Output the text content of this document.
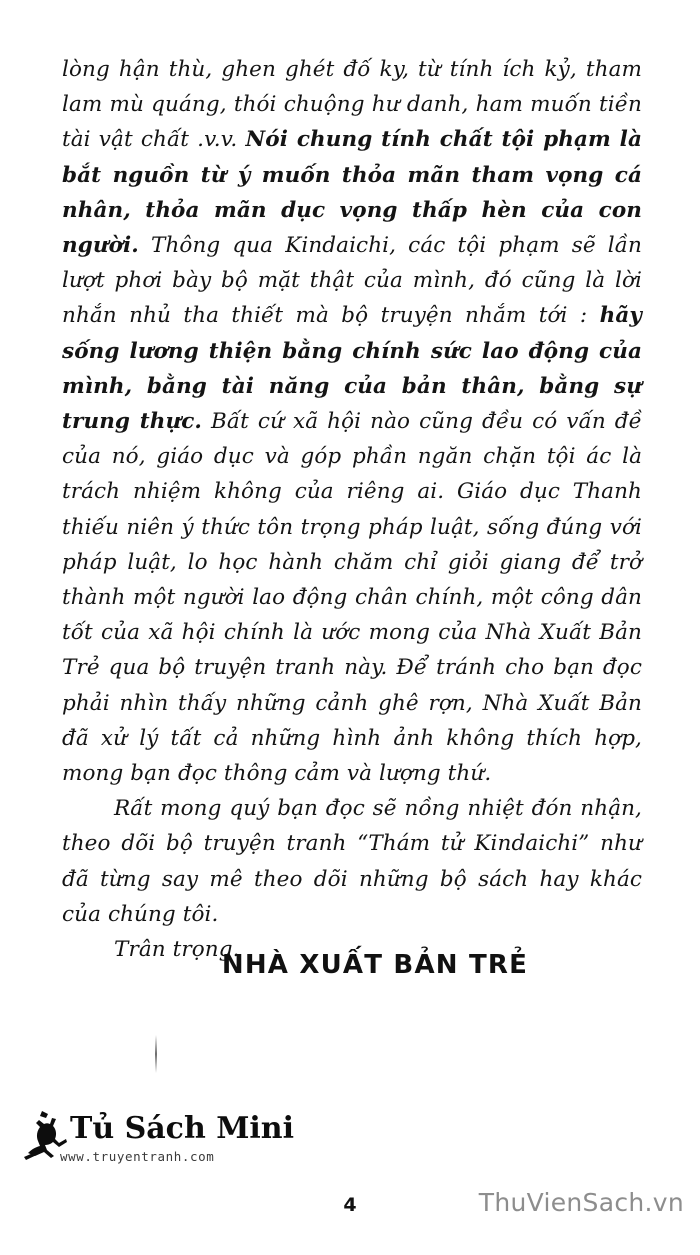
lòng hận thù, ghen ghét đố ky, từ tính ích kỷ, tham lam mù quáng, thói chuộng hư danh, ham muốn tiền tài vật chất .v.v. Nói chung tính chất tội phạm là bắt nguồn từ ý muốn thỏa mãn tham vọng cá nhân, thỏa mãn dục vọng thấp hèn của con người. Thông qua Kindaichi, các tội phạm sẽ lần lượt phơi bày bộ mặt thật của mình, đó cũng là lời nhắn nhủ tha thiết mà bộ truyện nhắm tới : hãy sống lương thiện bằng chính sức lao động của mình, bằng tài năng của bản thân, bằng sự trung thực. Bất cứ xã hội nào cũng đều có vấn đề của nó, giáo dục và góp phần ngăn chặn tội ác là trách nhiệm không của riêng ai. Giáo dục Thanh thiếu niên ý thức tôn trọng pháp luật, sống đúng với pháp luật, lo học hành chăm chỉ giỏi giang để trở thành một người lao động chân chính, một công dân tốt của xã hội chính là ước mong của Nhà Xuất Bản Trẻ qua bộ truyện tranh này. Để tránh cho bạn đọc phải nhìn thấy những cảnh ghê rợn, Nhà Xuất Bản đã xử lý tất cả những hình ảnh không thích hợp, mong bạn đọc thông cảm và lượng thứ.

Rất mong quý bạn đọc sẽ nồng nhiệt đón nhận, theo dõi bộ truyện tranh “Thám tử Kindaichi” như đã từng say mê theo dõi những bộ sách hay khác của chúng tôi.

Trân trọng.

NHÀ XUẤT BẢN TRẺ
Tủ Sách Mini
www.truyentranh.com
4	ThuVienSach.vn
